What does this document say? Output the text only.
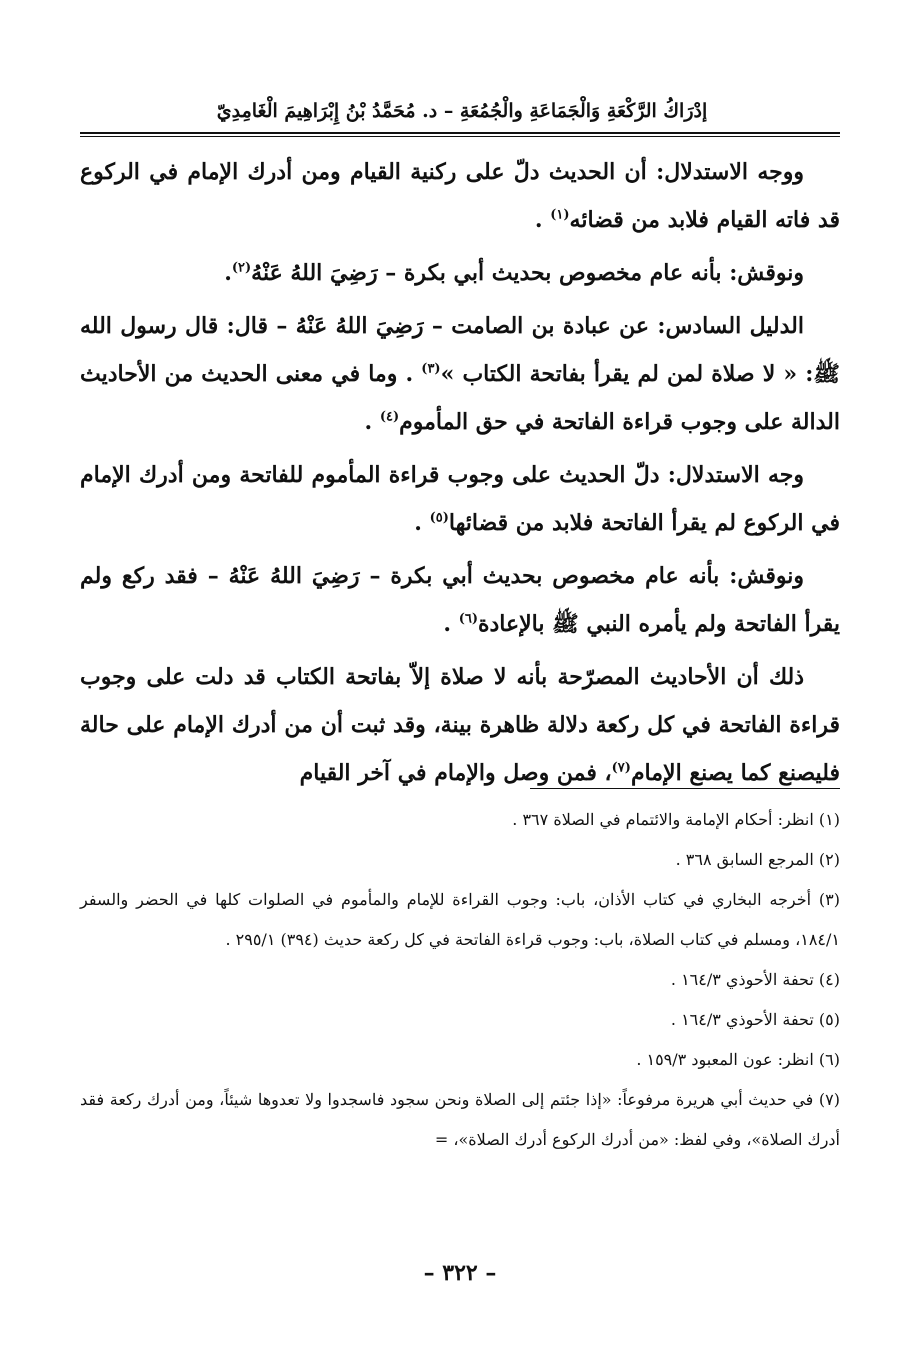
إدْرَاكُ الرَّكْعَةِ وَالْجَمَاعَةِ والْجُمُعَةِ – د. مُحَمَّدُ بْنُ إِبْرَاهِيمَ الْغَامِدِيّ

ووجه الاستدلال: أن الحديث دلّ على ركنية القيام ومن أدرك الإمام في الركوع قد فاته القيام فلابد من قضائه$^{(١)}$ .

ونوقش: بأنه عام مخصوص بحديث أبي بكرة – رَضِيَ اللهُ عَنْهُ$^{(٢)}$.

الدليل السادس: عن عبادة بن الصامت – رَضِيَ اللهُ عَنْهُ – قال: قال رسول الله ﷺ: « لا صلاة لمن لم يقرأ بفاتحة الكتاب »$^{(٣)}$ . وما في معنى الحديث من الأحاديث الدالة على وجوب قراءة الفاتحة في حق المأموم$^{(٤)}$ .

وجه الاستدلال: دلّ الحديث على وجوب قراءة المأموم للفاتحة ومن أدرك الإمام في الركوع لم يقرأ الفاتحة فلابد من قضائها$^{(٥)}$ .

ونوقش: بأنه عام مخصوص بحديث أبي بكرة – رَضِيَ اللهُ عَنْهُ – فقد ركع ولم يقرأ الفاتحة ولم يأمره النبي ﷺ بالإعادة$^{(٦)}$ .

ذلك أن الأحاديث المصرّحة بأنه لا صلاة إلاّ بفاتحة الكتاب قد دلت على وجوب قراءة الفاتحة في كل ركعة دلالة ظاهرة بينة، وقد ثبت أن من أدرك الإمام على حالة فليصنع كما يصنع الإمام$^{(٧)}$، فمن وصل والإمام في آخر القيام

(١) انظر: أحكام الإمامة والائتمام في الصلاة ٣٦٧ .

(٢) المرجع السابق ٣٦٨ .

(٣) أخرجه البخاري في كتاب الأذان، باب: وجوب القراءة للإمام والمأموم في الصلوات كلها في الحضر والسفر ١٨٤/١، ومسلم في كتاب الصلاة، باب: وجوب قراءة الفاتحة في كل ركعة حديث (٣٩٤) ٢٩٥/١ .

(٤) تحفة الأحوذي ١٦٤/٣ .

(٥) تحفة الأحوذي ١٦٤/٣ .

(٦) انظر: عون المعبود ١٥٩/٣ .

(٧) في حديث أبي هريرة مرفوعاً: «إذا جئتم إلى الصلاة ونحن سجود فاسجدوا ولا تعدوها شيئاً، ومن أدرك ركعة فقد أدرك الصلاة»، وفي لفظ: «من أدرك الركوع أدرك الصلاة»، =

– ٣٢٢ –
